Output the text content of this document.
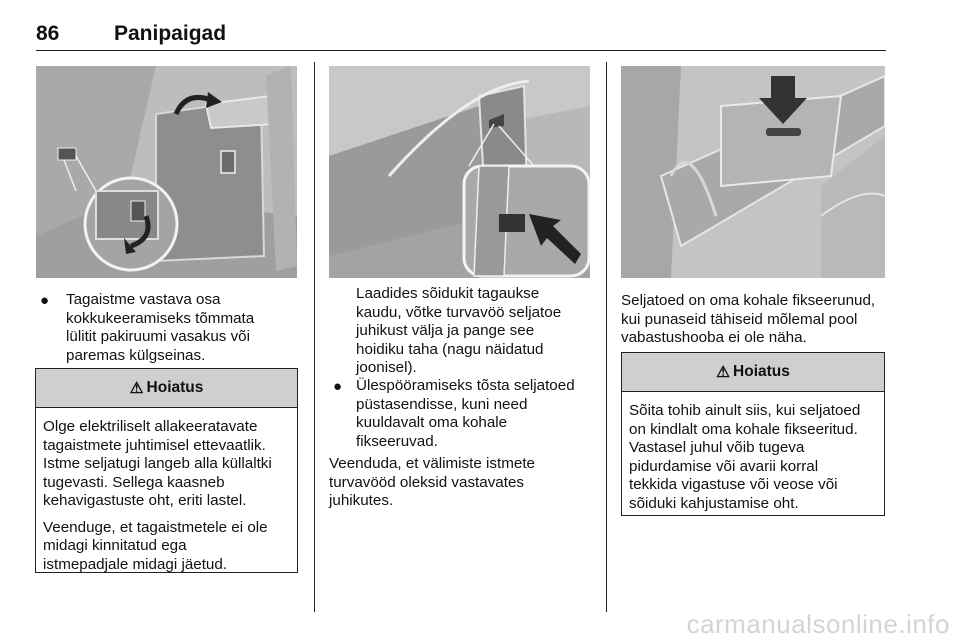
86	Panipaigad
● Tagaistme vastava osa
kokkukeeramiseks tõmmata
lülitit pakiruumi vasakus või
paremas külgseinas.
⚠ Hoiatus
Olge elektriliselt allakeeratavate
tagaistmete juhtimisel ettevaatlik.
Istme seljatugi langeb alla küllaltki
tugevasti. Sellega kaasneb
kehavigastuste oht, eriti lastel.
Veenduge, et tagaistmetele ei ole
midagi kinnitatud ega
istmepadjale midagi jäetud.
Laadides sõidukit tagaukse
kaudu, võtke turvavöö seljatoe
juhikust välja ja pange see
hoidiku taha (nagu näidatud
joonisel).
● Ülespööramiseks tõsta seljatoed
püstasendisse, kuni need
kuuldavalt oma kohale
fikseeruvad.
Veenduda, et välimiste istmete
turvavööd oleksid vastavates
juhikutes.
Seljatoed on oma kohale fikseerunud,
kui punaseid tähiseid mõlemal pool
vabastushooba ei ole näha.
⚠ Hoiatus
Sõita tohib ainult siis, kui seljatoed
on kindlalt oma kohale fikseeritud.
Vastasel juhul võib tugeva
pidurdamise või avarii korral
tekkida vigastuse või veose või
sõiduki kahjustamise oht.
carmanualsonline.info
